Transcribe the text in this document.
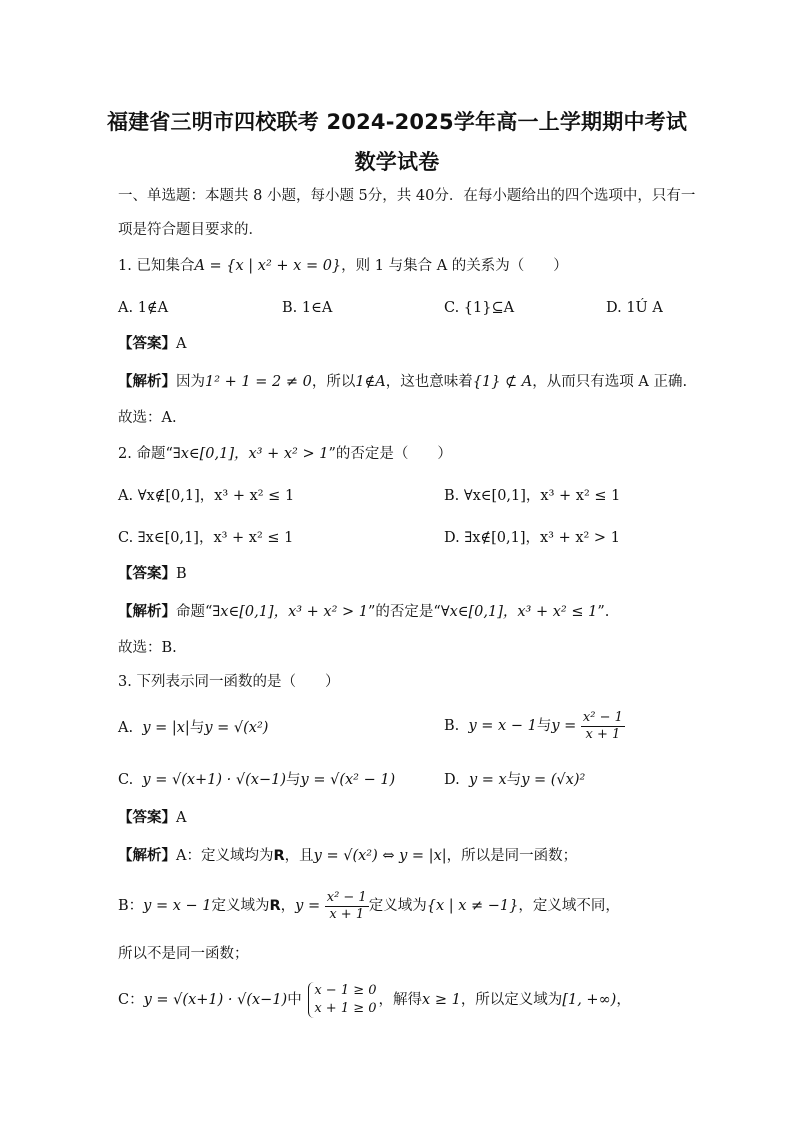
福建省三明市四校联考 2024-2025学年高一上学期期中考试
数学试卷
一、单选题：本题共 8 小题，每小题 5分，共 40分．在每小题给出的四个选项中，只有一
项是符合题目要求的．
1. 已知集合A = {x | x² + x = 0}，则 1 与集合 A 的关系为（　　）
A. 1∉A	B. 1∈A	C. {1}⊆A	D. 1Ú A
【答案】A
【解析】因为1² + 1 = 2 ≠ 0，所以1∉A，这也意味着{1} ⊄ A，从而只有选项 A 正确.
故选：A.
2. 命题“∃x∈[0,1]，x³ + x² > 1”的否定是（　　）
A. ∀x∉[0,1]，x³ + x² ≤ 1	B. ∀x∈[0,1]，x³ + x² ≤ 1
C. ∃x∈[0,1]，x³ + x² ≤ 1	D. ∃x∉[0,1]，x³ + x² > 1
【答案】B
【解析】命题“∃x∈[0,1]，x³ + x² > 1”的否定是“∀x∈[0,1]，x³ + x² ≤ 1”.
故选：B.
3. 下列表示同一函数的是（　　）
A. y = |x|与y = √(x²)	B. y = x − 1与$y = \frac{\text{x² − 1}}{x + 1}$
C. y = √(x+1) · √(x−1)与y = √(x² − 1)	D. y = x与y = (√x)²
【答案】A
【解析】A：定义域均为R，且y = √(x²) ⇔ y = |x|，所以是同一函数；
B：y = x − 1定义域为R，$y = \frac{\text{x² − 1}}{x + 1}$ 定义域为{x | x ≠ −1}，定义域不同，
所以不是同一函数；
C：y = √(x+1) · √(x−1)中
x − 1 ≥ 0
x + 1 ≥ 0
，解得x ≥ 1，所以定义域为[1, +∞)，
